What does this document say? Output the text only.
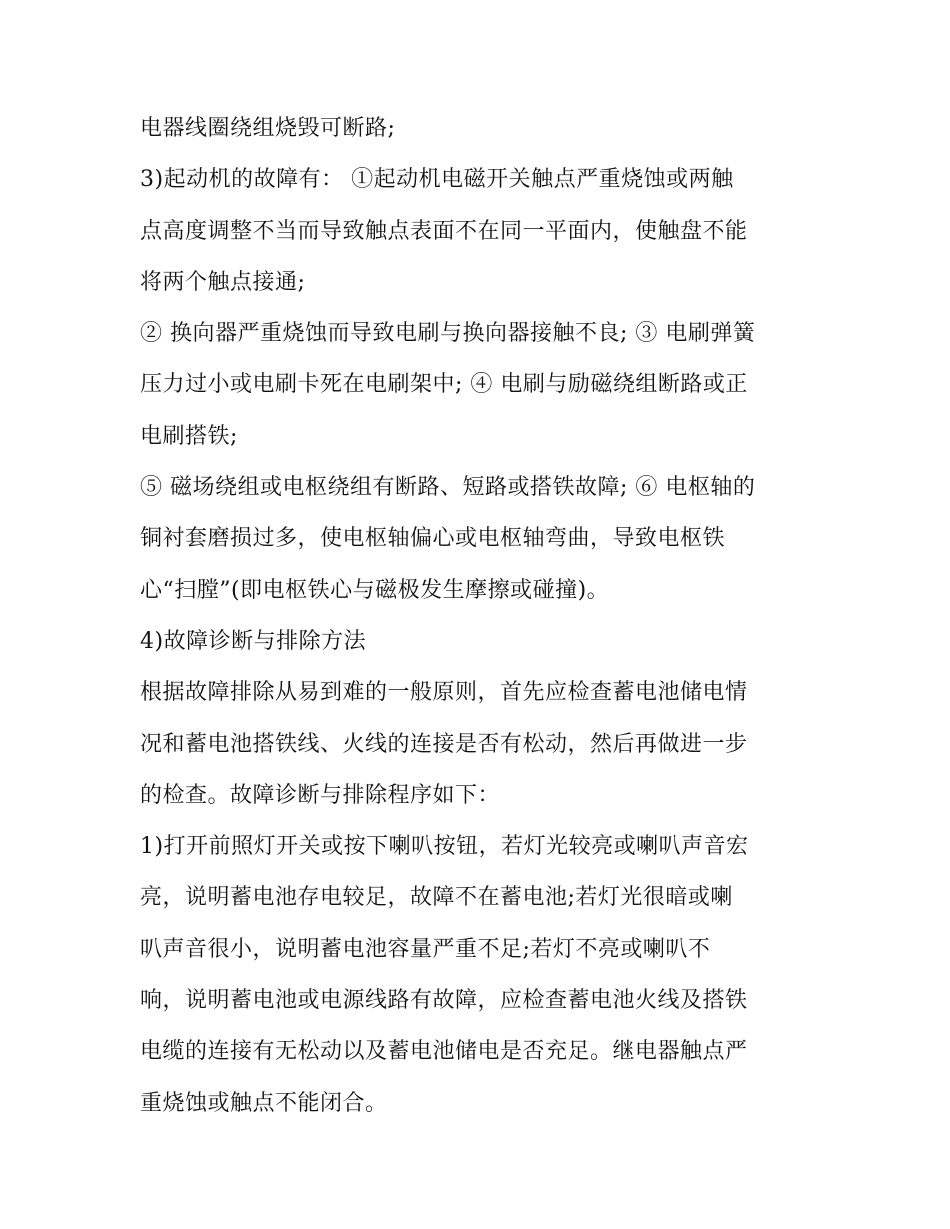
电器线圈绕组烧毁可断路;
3)起动机的故障有： ①起动机电磁开关触点严重烧蚀或两触
点高度调整不当而导致触点表面不在同一平面内，使触盘不能
将两个触点接通;
② 换向器严重烧蚀而导致电刷与换向器接触不良; ③ 电刷弹簧
压力过小或电刷卡死在电刷架中; ④ 电刷与励磁绕组断路或正
电刷搭铁;
⑤ 磁场绕组或电枢绕组有断路、短路或搭铁故障; ⑥ 电枢轴的
铜衬套磨损过多，使电枢轴偏心或电枢轴弯曲，导致电枢铁
心“扫膛”(即电枢铁心与磁极发生摩擦或碰撞)。
4)故障诊断与排除方法
根据故障排除从易到难的一般原则，首先应检查蓄电池储电情
况和蓄电池搭铁线、火线的连接是否有松动，然后再做进一步
的检查。故障诊断与排除程序如下：
1)打开前照灯开关或按下喇叭按钮，若灯光较亮或喇叭声音宏
亮，说明蓄电池存电较足，故障不在蓄电池;若灯光很暗或喇
叭声音很小，说明蓄电池容量严重不足;若灯不亮或喇叭不
响，说明蓄电池或电源线路有故障，应检查蓄电池火线及搭铁
电缆的连接有无松动以及蓄电池储电是否充足。继电器触点严
重烧蚀或触点不能闭合。
